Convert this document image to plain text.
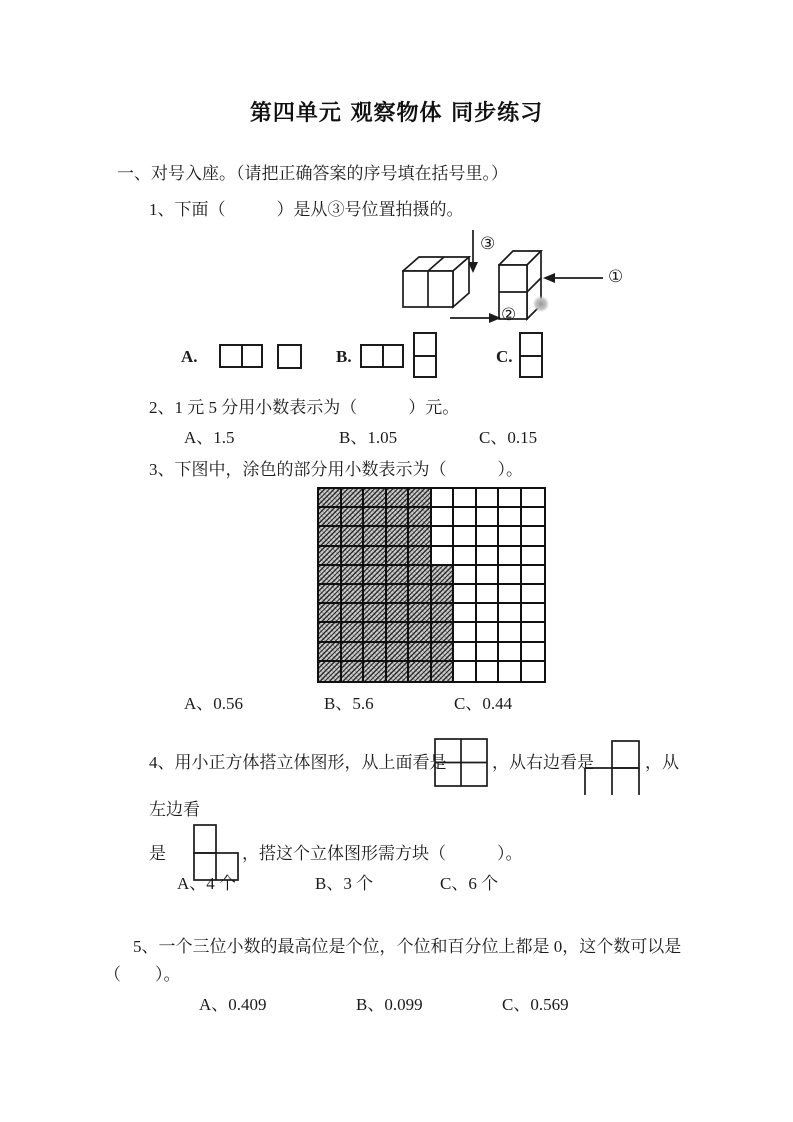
第四单元 观察物体 同步练习
一、对号入座。（请把正确答案的序号填在括号里。）
1、下面（　　　）是从③号位置拍摄的。
③
①
②
A.	B.	C.
2、1 元 5 分用小数表示为（　　　）元。
A、1.5	B、1.05	C、0.15
3、下图中，涂色的部分用小数表示为（　　　）。
A、0.56	B、5.6	C、0.44
4、用小正方体搭立体图形，从上面看是	，从右边看是	，从
左边看
是	，搭这个立体图形需方块（　　　）。
A、4 个	B、3 个	C、6 个
5、一个三位小数的最高位是个位，个位和百分位上都是 0，这个数可以是
（　　）。
A、0.409	B、0.099	C、0.569
